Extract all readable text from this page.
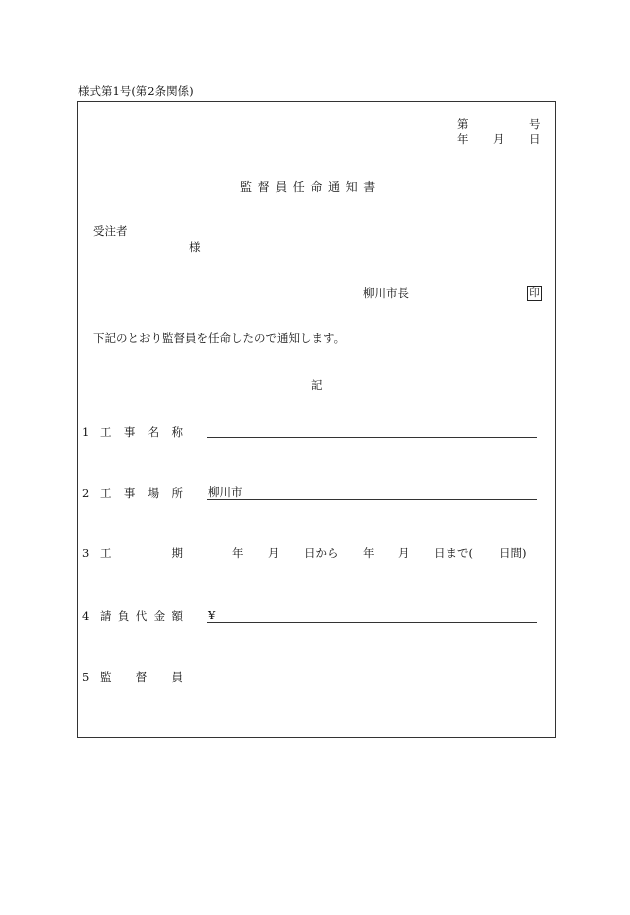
様式第1号(第2条関係)
第	号
年 月 日
監督員任命通知書
受注者
様
柳川市長	印
下記のとおり監督員を任命したので通知します。
記
1 工 事 名 称
2 工 事 場 所 柳川市
3 工	期	年 月 日から 年 月 日まで( 日間)
4 請 負 代 金 額 ¥
5 監 督 員
